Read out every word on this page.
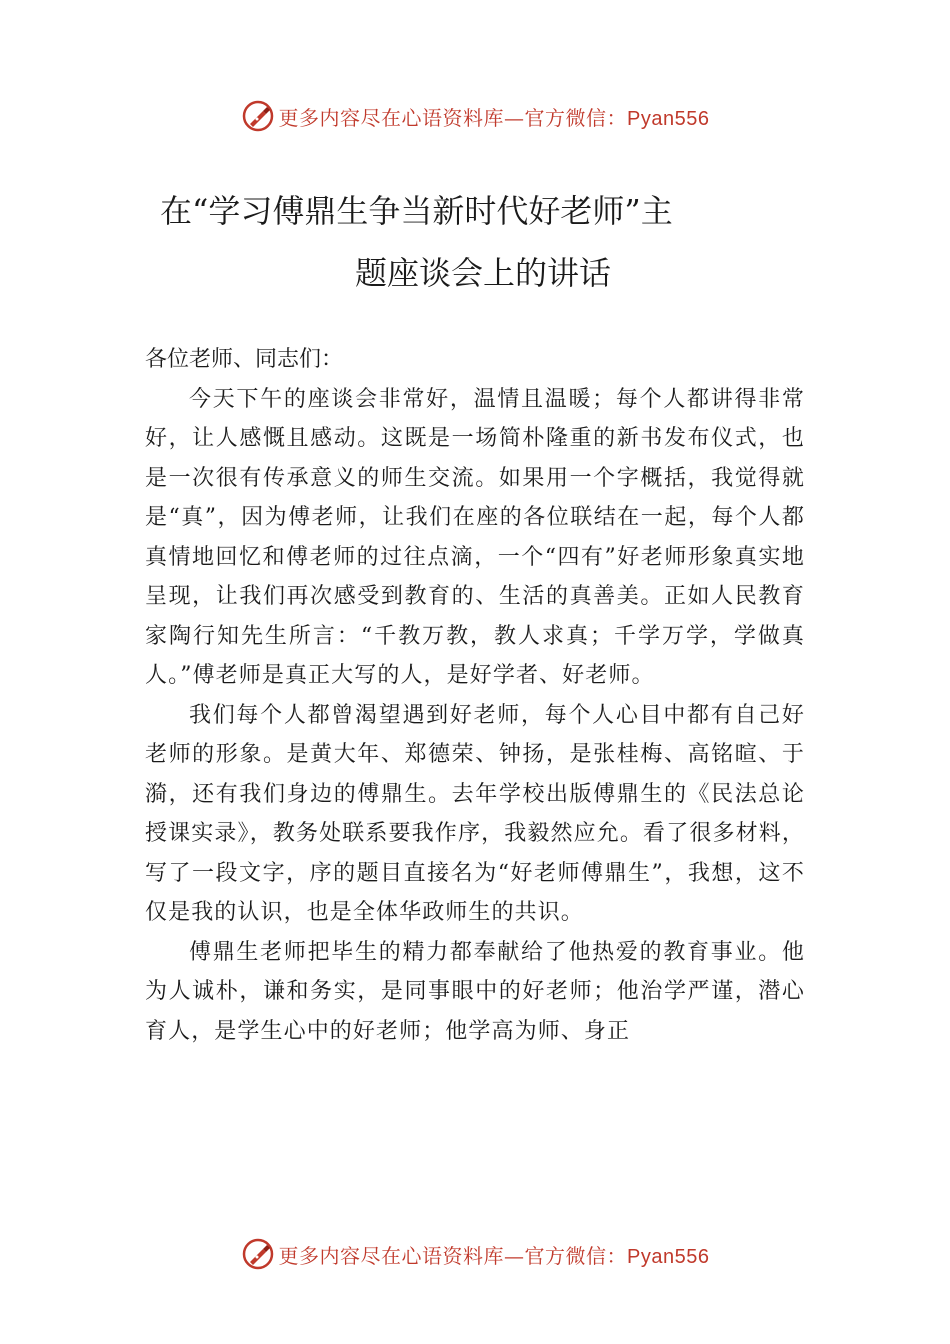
更多内容尽在心语资料库—官方微信：Pyan556
在“学习傅鼎生争当新时代好老师”主
题座谈会上的讲话

各位老师、同志们：

今天下午的座谈会非常好，温情且温暖；每个人都讲得非常好，让人感慨且感动。这既是一场简朴隆重的新书发布仪式，也是一次很有传承意义的师生交流。如果用一个字概括，我觉得就是“真”，因为傅老师，让我们在座的各位联结在一起，每个人都真情地回忆和傅老师的过往点滴，一个“四有”好老师形象真实地呈现，让我们再次感受到教育的、生活的真善美。正如人民教育家陶行知先生所言：“千教万教，教人求真；千学万学，学做真人。”傅老师是真正大写的人，是好学者、好老师。

我们每个人都曾渴望遇到好老师，每个人心目中都有自己好老师的形象。是黄大年、郑德荣、钟扬，是张桂梅、高铭暄、于漪，还有我们身边的傅鼎生。去年学校出版傅鼎生的《民法总论授课实录》，教务处联系要我作序，我毅然应允。看了很多材料，写了一段文字，序的题目直接名为“好老师傅鼎生”，我想，这不仅是我的认识，也是全体华政师生的共识。

傅鼎生老师把毕生的精力都奉献给了他热爱的教育事业。他为人诚朴，谦和务实，是同事眼中的好老师；他治学严谨，潜心育人，是学生心中的好老师；他学高为师、身正

更多内容尽在心语资料库—官方微信：Pyan556
